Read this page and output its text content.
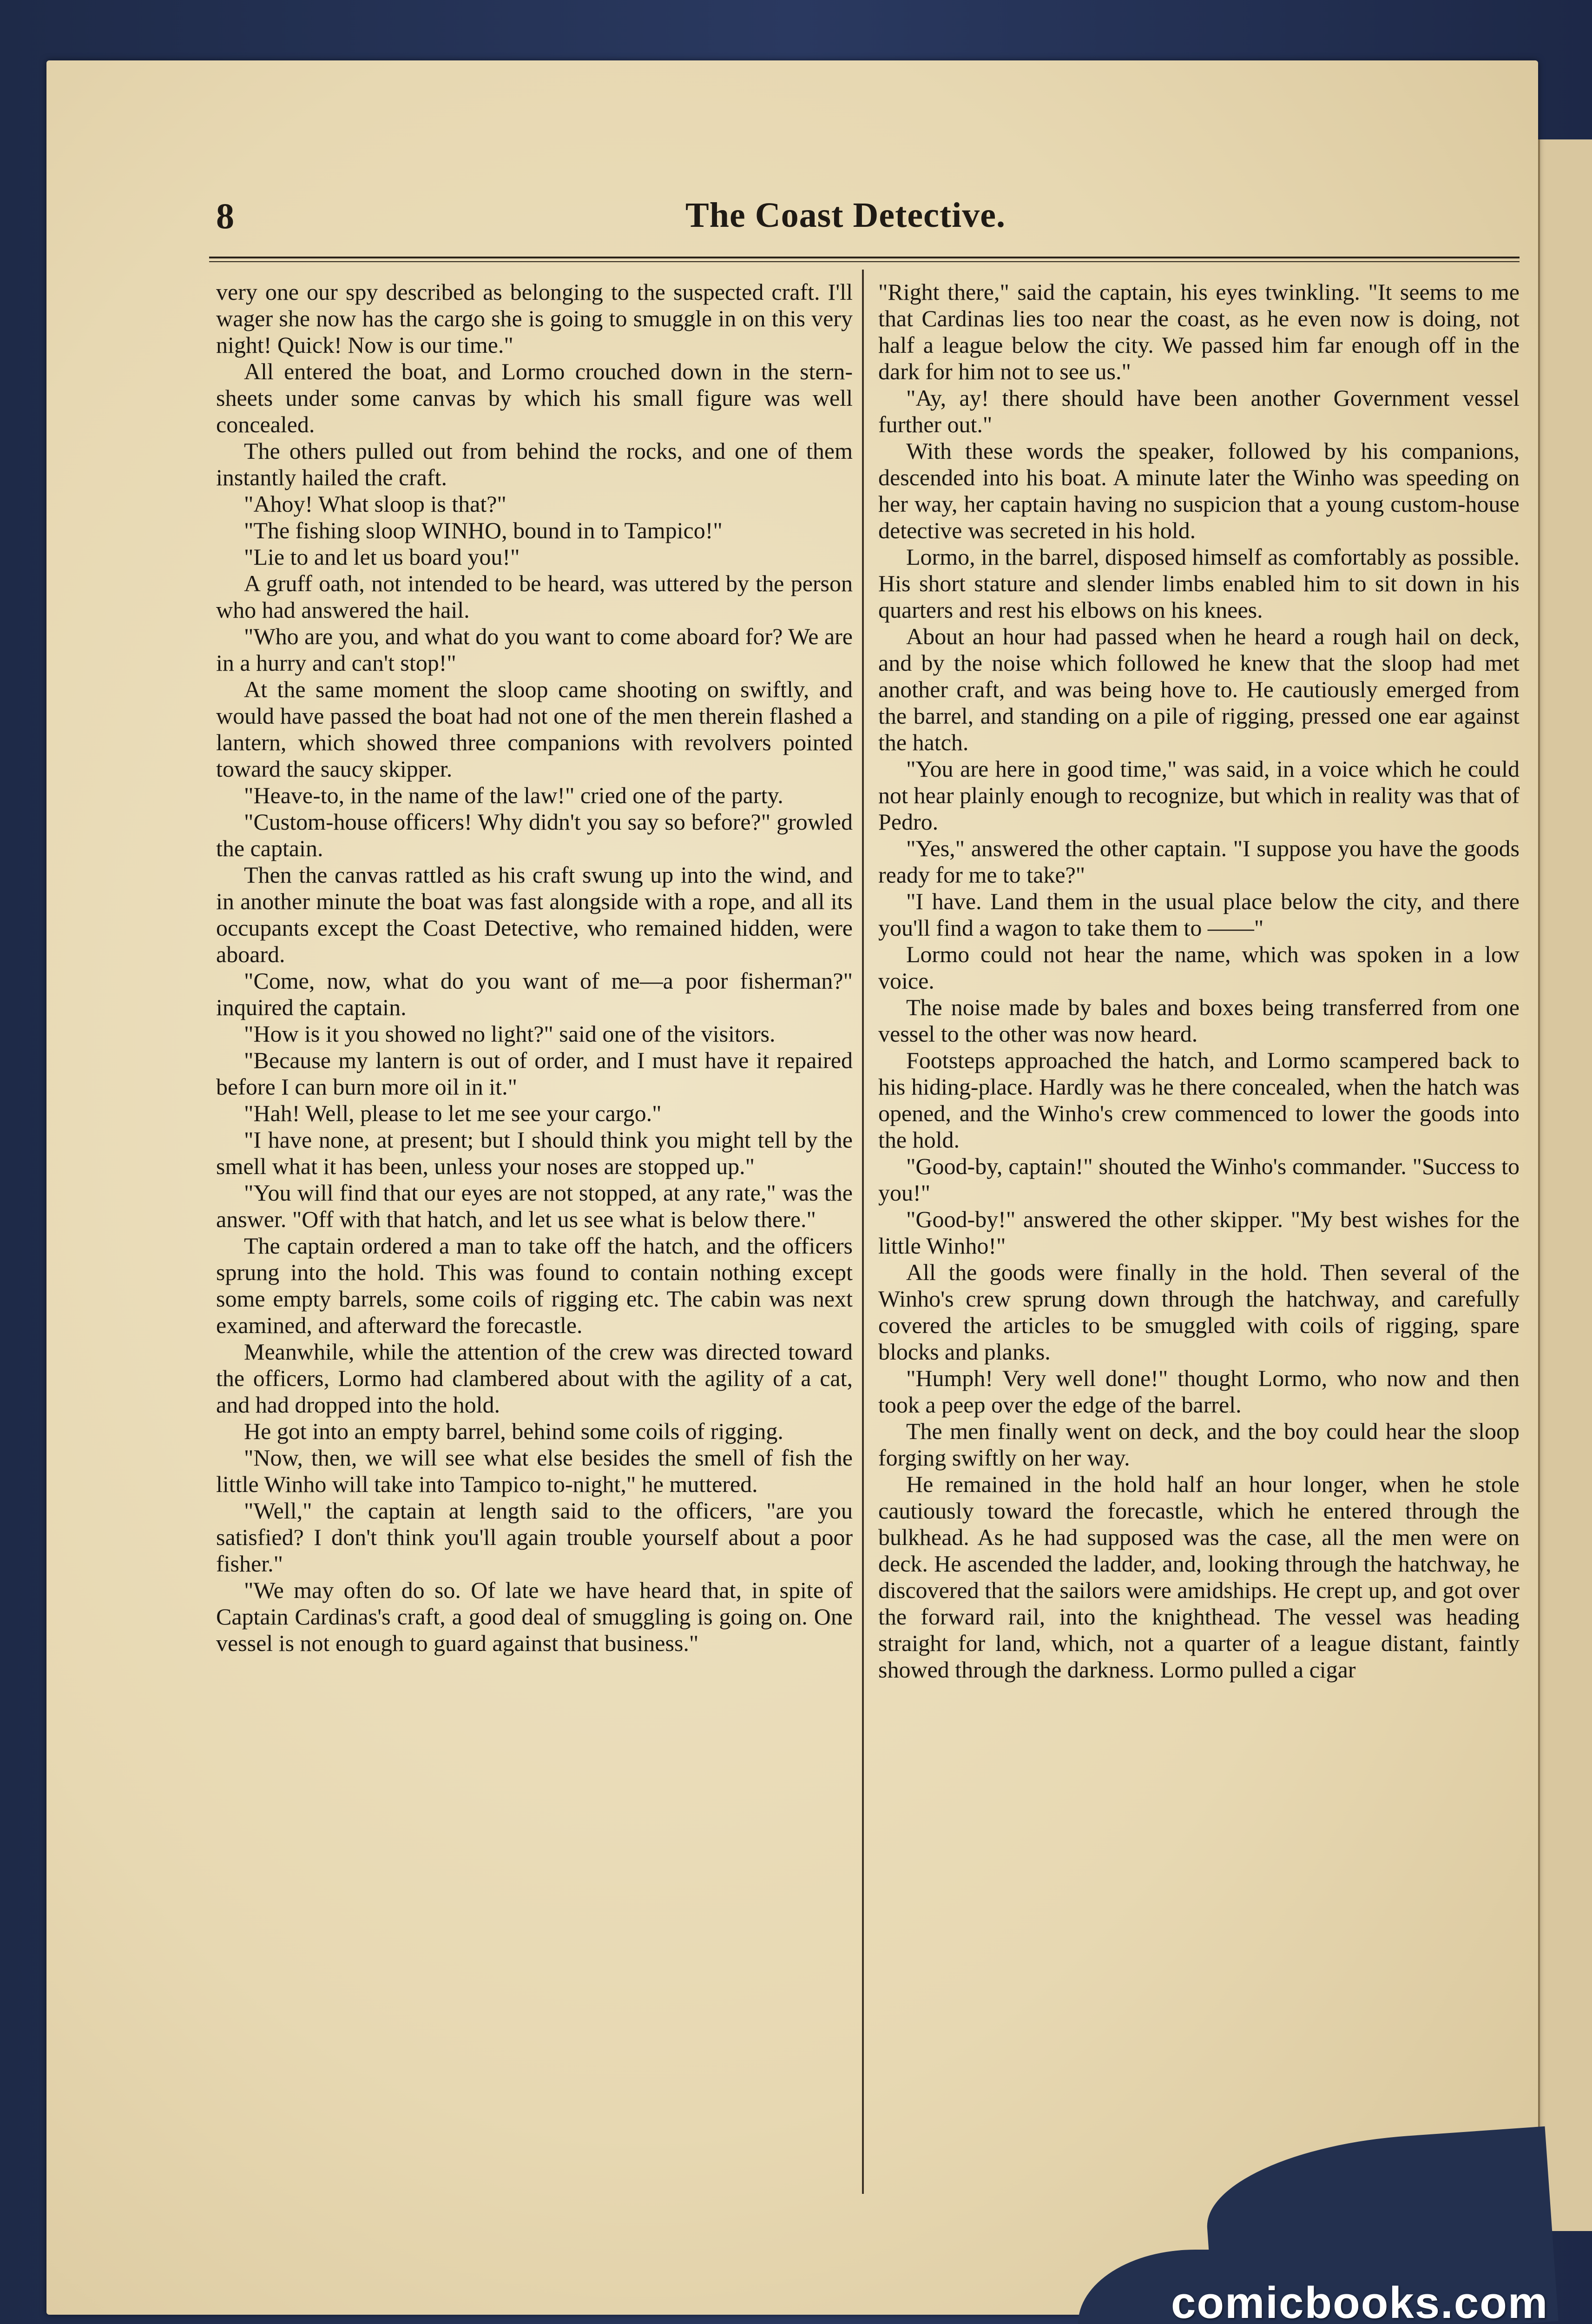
8	The Coast Detective.

very one our spy described as belonging to the suspected craft. I'll wager she now has the cargo she is going to smuggle in on this very night! Quick! Now is our time."

All entered the boat, and Lormo crouched down in the stern-sheets under some canvas by which his small figure was well concealed.

The others pulled out from behind the rocks, and one of them instantly hailed the craft.

"Ahoy! What sloop is that?"

"The fishing sloop WINHO, bound in to Tampico!"

"Lie to and let us board you!"

A gruff oath, not intended to be heard, was uttered by the person who had answered the hail.

"Who are you, and what do you want to come aboard for? We are in a hurry and can't stop!"

At the same moment the sloop came shooting on swiftly, and would have passed the boat had not one of the men therein flashed a lantern, which showed three companions with revolvers pointed toward the saucy skipper.

"Heave-to, in the name of the law!" cried one of the party.

"Custom-house officers! Why didn't you say so before?" growled the captain.

Then the canvas rattled as his craft swung up into the wind, and in another minute the boat was fast alongside with a rope, and all its occupants except the Coast Detective, who remained hidden, were aboard.

"Come, now, what do you want of me—a poor fisherman?" inquired the captain.

"How is it you showed no light?" said one of the visitors.

"Because my lantern is out of order, and I must have it repaired before I can burn more oil in it."

"Hah! Well, please to let me see your cargo."

"I have none, at present; but I should think you might tell by the smell what it has been, unless your noses are stopped up."

"You will find that our eyes are not stopped, at any rate," was the answer. "Off with that hatch, and let us see what is below there."

The captain ordered a man to take off the hatch, and the officers sprung into the hold. This was found to contain nothing except some empty barrels, some coils of rigging etc. The cabin was next examined, and afterward the forecastle.

Meanwhile, while the attention of the crew was directed toward the officers, Lormo had clambered about with the agility of a cat, and had dropped into the hold.

He got into an empty barrel, behind some coils of rigging.

"Now, then, we will see what else besides the smell of fish the little Winho will take into Tampico to-night," he muttered.

"Well," the captain at length said to the officers, "are you satisfied? I don't think you'll again trouble yourself about a poor fisher."

"We may often do so. Of late we have heard that, in spite of Captain Cardinas's craft, a good deal of smuggling is going on. One vessel is not enough to guard against that business."

"Right there," said the captain, his eyes twinkling. "It seems to me that Cardinas lies too near the coast, as he even now is doing, not half a league below the city. We passed him far enough off in the dark for him not to see us."

"Ay, ay! there should have been another Government vessel further out."

With these words the speaker, followed by his companions, descended into his boat. A minute later the Winho was speeding on her way, her captain having no suspicion that a young custom-house detective was secreted in his hold.

Lormo, in the barrel, disposed himself as comfortably as possible. His short stature and slender limbs enabled him to sit down in his quarters and rest his elbows on his knees.

About an hour had passed when he heard a rough hail on deck, and by the noise which followed he knew that the sloop had met another craft, and was being hove to. He cautiously emerged from the barrel, and standing on a pile of rigging, pressed one ear against the hatch.

"You are here in good time," was said, in a voice which he could not hear plainly enough to recognize, but which in reality was that of Pedro.

"Yes," answered the other captain. "I suppose you have the goods ready for me to take?"

"I have. Land them in the usual place below the city, and there you'll find a wagon to take them to ——"

Lormo could not hear the name, which was spoken in a low voice.

The noise made by bales and boxes being transferred from one vessel to the other was now heard.

Footsteps approached the hatch, and Lormo scampered back to his hiding-place. Hardly was he there concealed, when the hatch was opened, and the Winho's crew commenced to lower the goods into the hold.

"Good-by, captain!" shouted the Winho's commander. "Success to you!"

"Good-by!" answered the other skipper. "My best wishes for the little Winho!"

All the goods were finally in the hold. Then several of the Winho's crew sprung down through the hatchway, and carefully covered the articles to be smuggled with coils of rigging, spare blocks and planks.

"Humph! Very well done!" thought Lormo, who now and then took a peep over the edge of the barrel.

The men finally went on deck, and the boy could hear the sloop forging swiftly on her way.

He remained in the hold half an hour longer, when he stole cautiously toward the forecastle, which he entered through the bulkhead. As he had supposed was the case, all the men were on deck. He ascended the ladder, and, looking through the hatchway, he discovered that the sailors were amidships. He crept up, and got over the forward rail, into the knighthead. The vessel was heading straight for land, which, not a quarter of a league distant, faintly showed through the darkness. Lormo pulled a cigar

comicbooks.com
